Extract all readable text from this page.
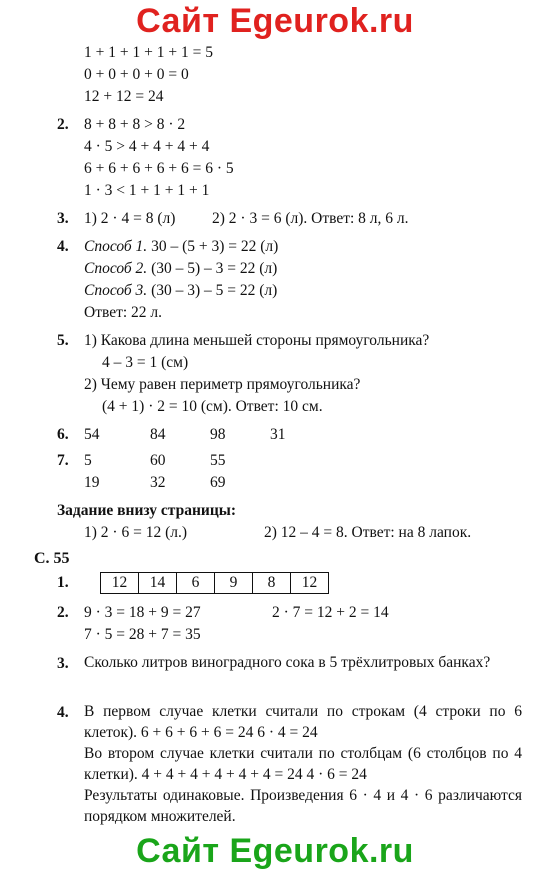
Сайт Egeurok.ru
1 + 1 + 1 + 1 + 1 = 5
0 + 0 + 0 + 0 = 0
12 + 12 = 24
2. 8 + 8 + 8 > 8 · 2
4 · 5 > 4 + 4 + 4 + 4
6 + 6 + 6 + 6 + 6 = 6 · 5
1 · 3 < 1 + 1 + 1 + 1
3. 1) 2 · 4 = 8 (л) 2) 2 · 3 = 6 (л). Ответ: 8 л, 6 л.
4. Способ 1. 30 – (5 + 3) = 22 (л)
Способ 2. (30 – 5) – 3 = 22 (л)
Способ 3. (30 – 3) – 5 = 22 (л)
Ответ: 22 л.
5. 1) Какова длина меньшей стороны прямоугольника?
4 – 3 = 1 (см)
2) Чему равен периметр прямоугольника?
(4 + 1) · 2 = 10 (см). Ответ: 10 см.
6. 54	84	98	31
7. 5	60	55
19	32	69
Задание внизу страницы:
1) 2 · 6 = 12 (л.)	2) 12 – 4 = 8. Ответ: на 8 лапок.
С. 55
1.	12	14	6	9	8	12
2. 9 · 3 = 18 + 9 = 27	2 · 7 = 12 + 2 = 14
7 · 5 = 28 + 7 = 35
3. Сколько литров виноградного сока в 5 трёхлитровых банках?
4. В первом случае клетки считали по строкам (4 строки по 6 клеток). 6 + 6 + 6 + 6 = 24 6 · 4 = 24
Во втором случае клетки считали по столбцам (6 столбцов по 4 клетки). 4 + 4 + 4 + 4 + 4 + 4 = 24 4 · 6 = 24
Результаты одинаковые. Произведения 6 · 4 и 4 · 6 различаются порядком множителей.
Сайт Egeurok.ru
